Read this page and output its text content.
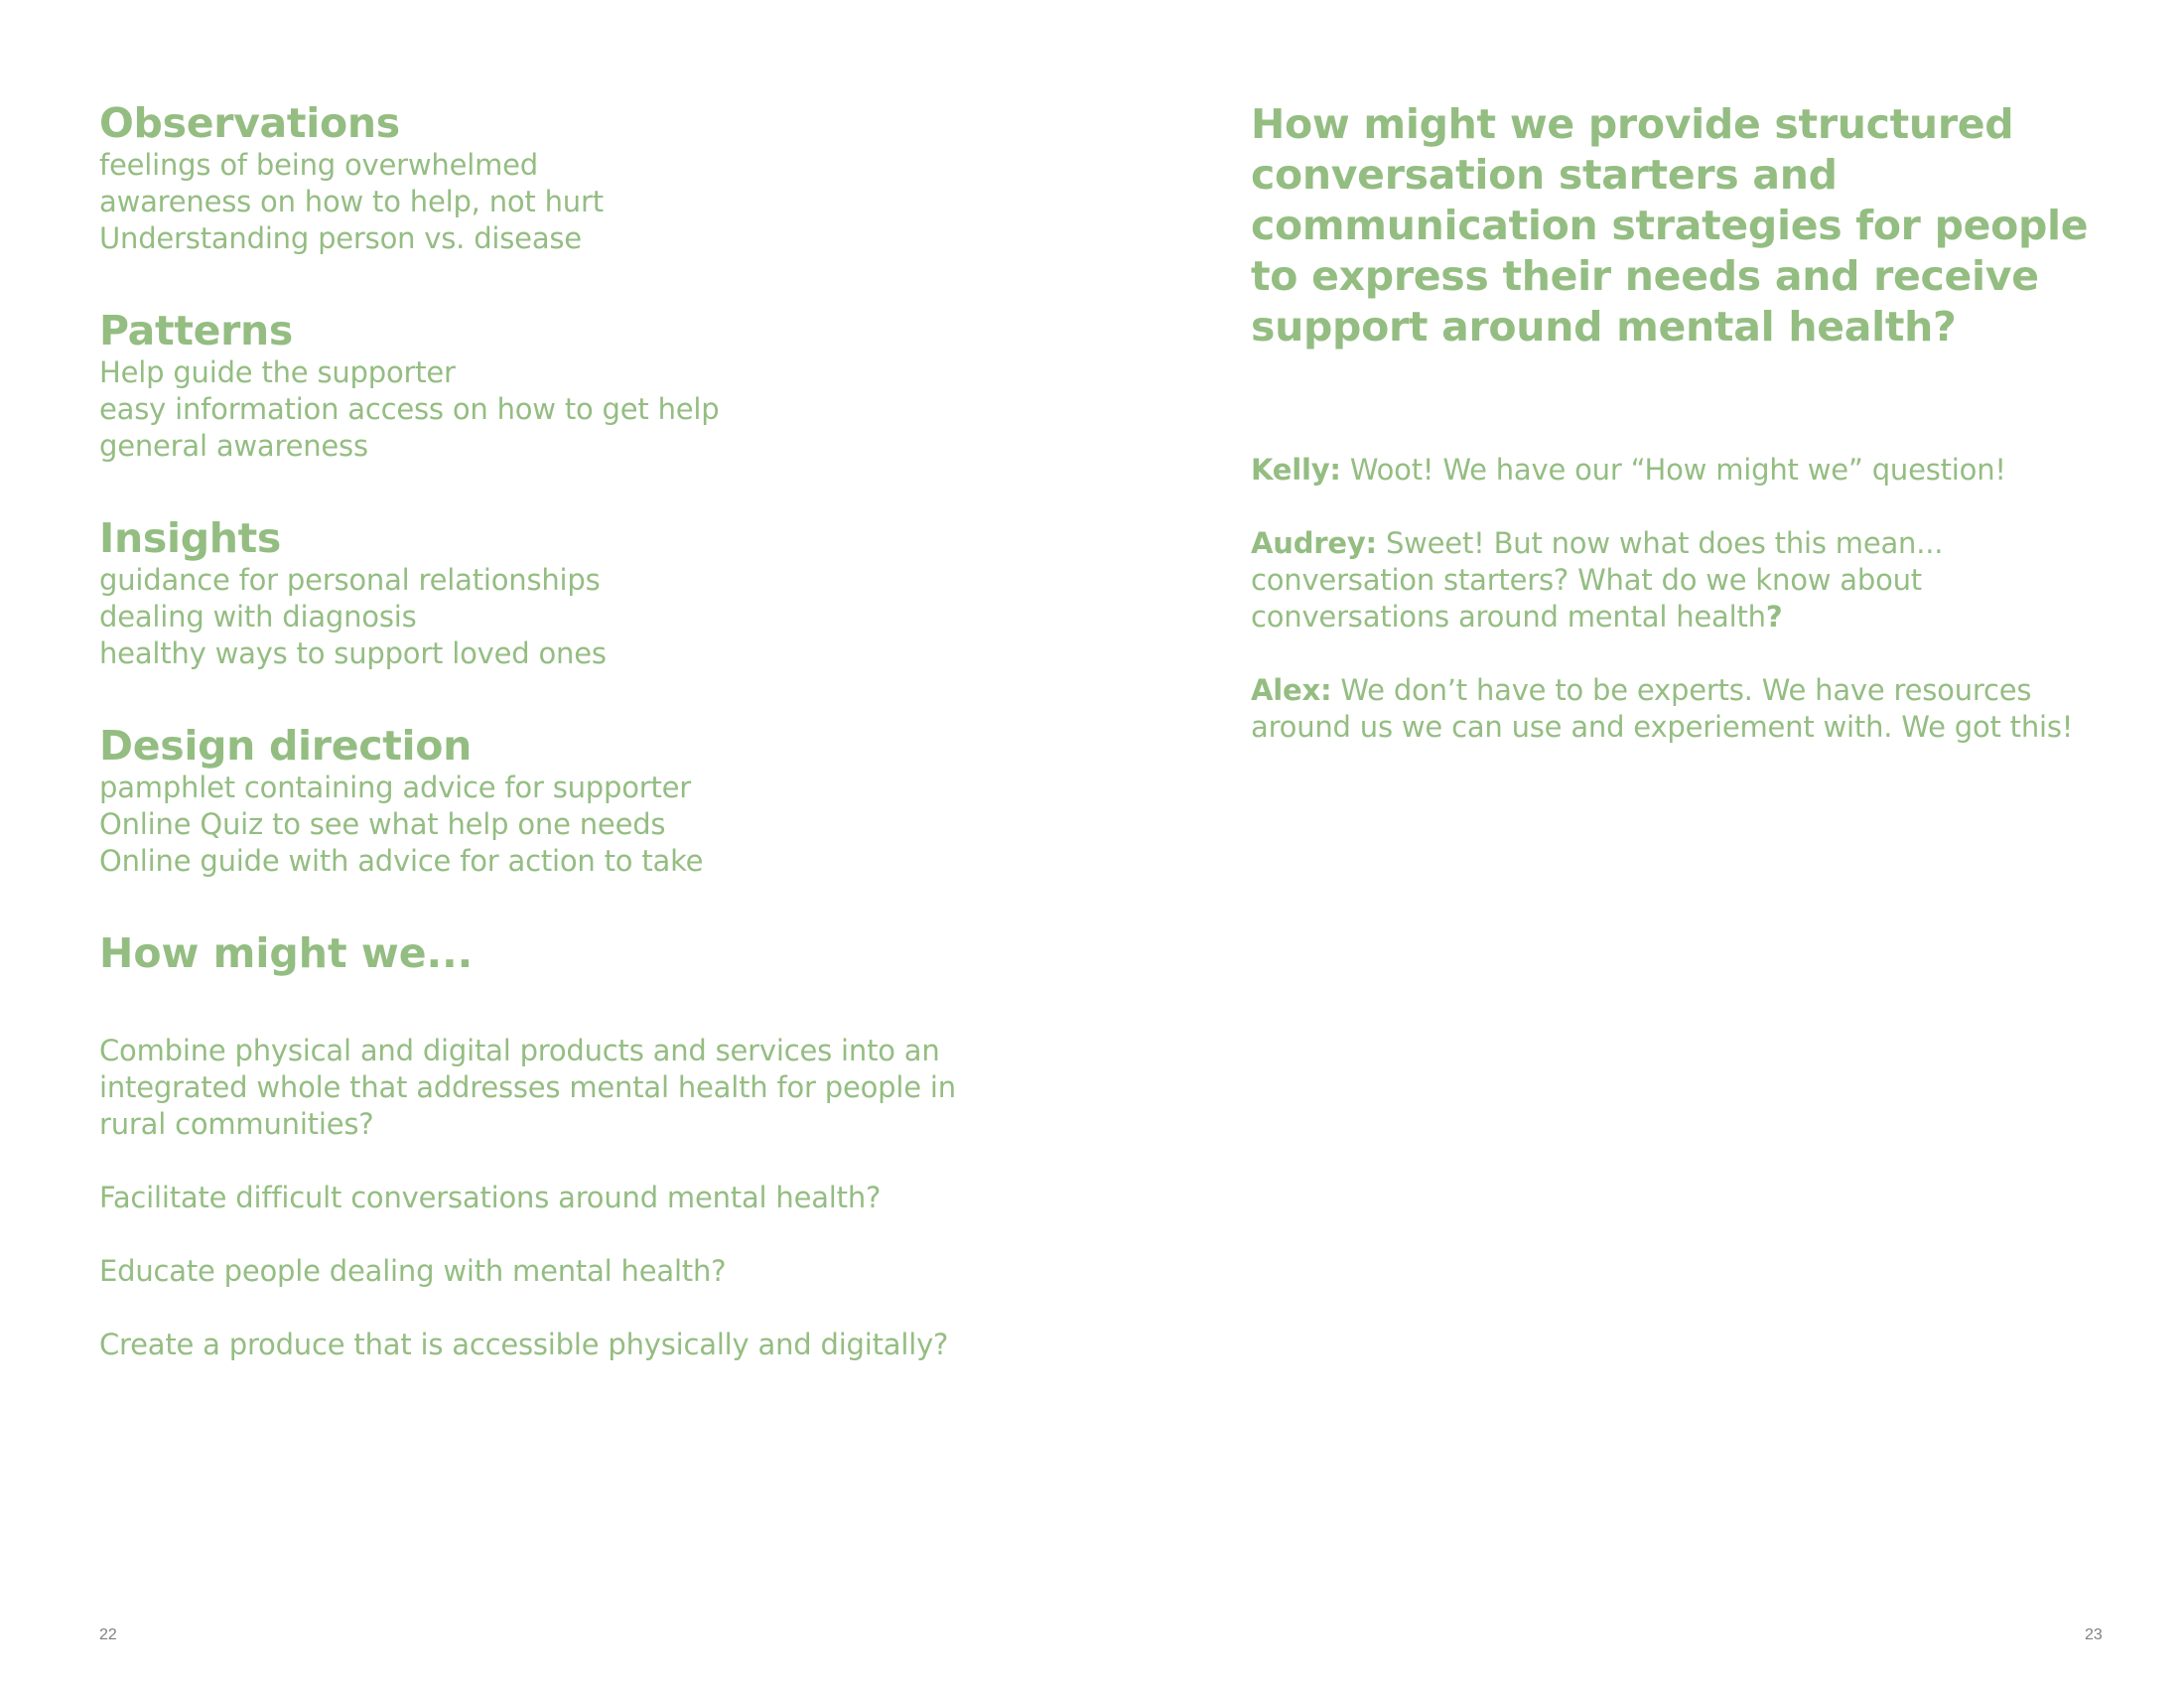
Observations
feelings of being overwhelmed
awareness on how to help, not hurt
Understanding person vs. disease
Patterns
Help guide the supporter
easy information access on how to get help
general awareness
Insights
guidance for personal relationships
dealing with diagnosis
healthy ways to support loved ones
Design direction
pamphlet containing advice for supporter
Online Quiz to see what help one needs
Online guide with advice for action to take
How might we...
Combine physical and digital products and services into an integrated whole that addresses mental health for people in rural communities?
Facilitate difficult conversations around mental health?
Educate people dealing with mental health?
Create a produce that is accessible physically and digitally?
22
How might we provide structured conversation starters and communication strategies for people to express their needs and receive support around mental health?

Kelly: Woot! We have our “How might we” question!

Audrey: Sweet! But now what does this mean... conversation starters? What do we know about conversations around mental health?

Alex: We don’t have to be experts. We have resources around us we can use and experiement with. We got this!

23
